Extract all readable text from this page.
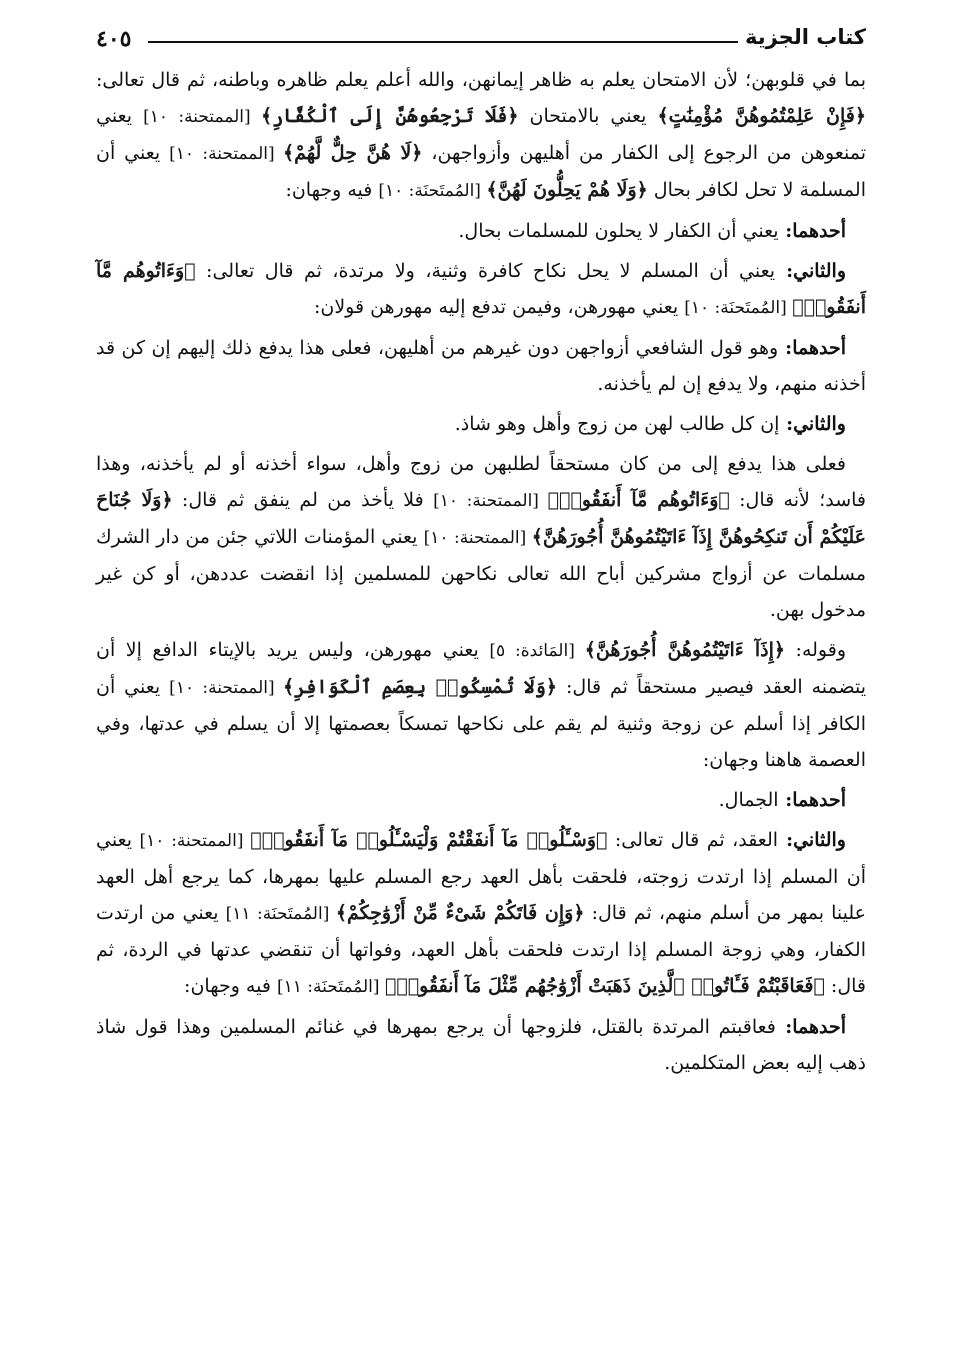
٤٠٥	كتاب الجزية

بما في قلوبهن؛ لأن الامتحان يعلم به ظاهر إيمانهن، والله أعلم يعلم ظاهره وباطنه، ثم قال تعالى: ﴿فَإِنْ عَلِمْتُمُوهُنَّ مُؤْمِنَٰتٍ﴾ يعني بالامتحان ﴿فَلَا تَرْجِعُوهُنَّ إِلَى ٱلْكُفَّارِ﴾ [الممتحنة: ١٠] يعني تمنعوهن من الرجوع إلى الكفار من أهليهن وأزواجهن، ﴿لَا هُنَّ حِلٌّ لَّهُمْ﴾ [الممتحنة: ١٠] يعني أن المسلمة لا تحل لكافر بحال ﴿وَلَا هُمْ يَحِلُّونَ لَهُنَّ﴾ [المُمتَحنَة: ١٠] فيه وجهان:

أحدهما: يعني أن الكفار لا يحلون للمسلمات بحال.

والثاني: يعني أن المسلم لا يحل نكاح كافرة وثنية، ولا مرتدة، ثم قال تعالى: ﴿وَءَاتُوهُم مَّآ أَنفَقُوا۟﴾ [المُمتَحنَة: ١٠] يعني مهورهن، وفيمن تدفع إليه مهورهن قولان:

أحدهما: وهو قول الشافعي أزواجهن دون غيرهم من أهليهن، فعلى هذا يدفع ذلك إليهم إن كن قد أخذنه منهم، ولا يدفع إن لم يأخذنه.

والثاني: إن كل طالب لهن من زوج وأهل وهو شاذ.

فعلى هذا يدفع إلى من كان مستحقاً لطلبهن من زوج وأهل، سواء أخذنه أو لم يأخذنه، وهذا فاسد؛ لأنه قال: ﴿وَءَاتُوهُم مَّآ أَنفَقُوا۟﴾ [الممتحنة: ١٠] فلا يأخذ من لم ينفق ثم قال: ﴿وَلَا جُنَاحَ عَلَيْكُمْ أَن تَنكِحُوهُنَّ إِذَآ ءَاتَيْتُمُوهُنَّ أُجُورَهُنَّ﴾ [الممتحنة: ١٠] يعني المؤمنات اللاتي جئن من دار الشرك مسلمات عن أزواج مشركين أباح الله تعالى نكاحهن للمسلمين إذا انقضت عددهن، أو كن غير مدخول بهن.

وقوله: ﴿إِذَآ ءَاتَيْتُمُوهُنَّ أُجُورَهُنَّ﴾ [المَائدة: ٥] يعني مهورهن، وليس يريد بالإيتاء الدافع إلا أن يتضمنه العقد فيصير مستحقاً ثم قال: ﴿وَلَا تُمْسِكُوا۟ بِعِصَمِ ٱلْكَوَافِرِ﴾ [الممتحنة: ١٠] يعني أن الكافر إذا أسلم عن زوجة وثنية لم يقم على نكاحها تمسكاً بعصمتها إلا أن يسلم في عدتها، وفي العصمة هاهنا وجهان:

أحدهما: الجمال.

والثاني: العقد، ثم قال تعالى: ﴿وَسْـَٔلُوا۟ مَآ أَنفَقْتُمْ وَلْيَسْـَٔلُوا۟ مَآ أَنفَقُوا۟﴾ [الممتحنة: ١٠] يعني أن المسلم إذا ارتدت زوجته، فلحقت بأهل العهد رجع المسلم عليها بمهرها، كما يرجع أهل العهد علينا بمهر من أسلم منهم، ثم قال: ﴿وَإِن فَاتَكُمْ شَىْءٌ مِّنْ أَزْوَٰجِكُمْ﴾ [المُمتَحنَة: ١١] يعني من ارتدت الكفار، وهي زوجة المسلم إذا ارتدت فلحقت بأهل العهد، وفواتها أن تنقضي عدتها في الردة، ثم قال: ﴿فَعَاقَبْتُمْ فَـَٔاتُوا۟ ٱلَّذِينَ ذَهَبَتْ أَزْوَٰجُهُم مِّثْلَ مَآ أَنفَقُوا۟﴾ [المُمتَحنَة: ١١] فيه وجهان:

أحدهما: فعاقبتم المرتدة بالقتل، فلزوجها أن يرجع بمهرها في غنائم المسلمين وهذا قول شاذ ذهب إليه بعض المتكلمين.
